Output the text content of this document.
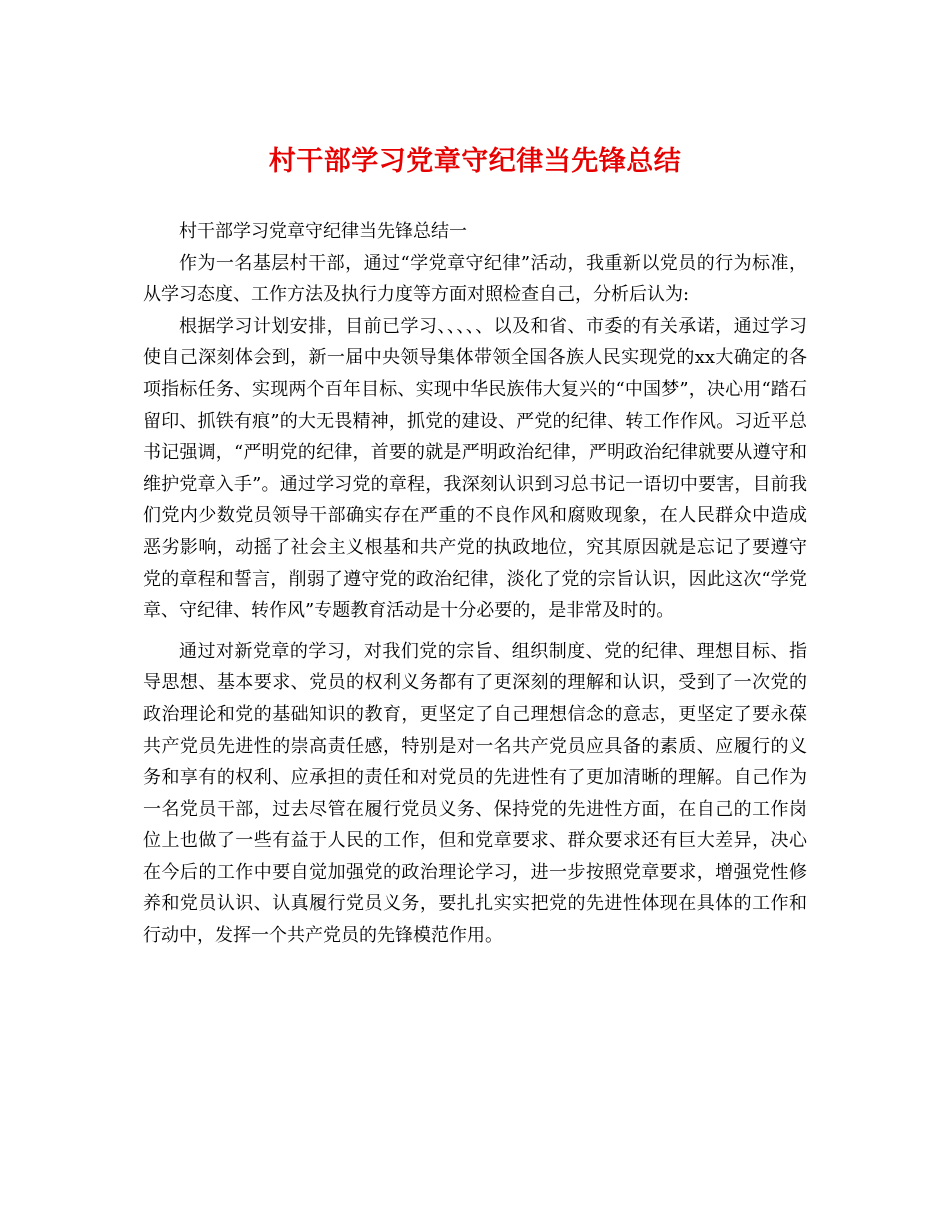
村干部学习党章守纪律当先锋总结

村干部学习党章守纪律当先锋总结一

作为一名基层村干部，通过“学党章守纪律”活动，我重新以党员的行为标准，从学习态度、工作方法及执行力度等方面对照检查自己，分析后认为:

根据学习计划安排，目前已学习、、、、、以及和省、市委的有关承诺，通过学习使自己深刻体会到，新一届中央领导集体带领全国各族人民实现党的xx大确定的各项指标任务、实现两个百年目标、实现中华民族伟大复兴的“中国梦”，决心用“踏石留印、抓铁有痕”的大无畏精神，抓党的建设、严党的纪律、转工作作风。习近平总书记强调，“严明党的纪律，首要的就是严明政治纪律，严明政治纪律就要从遵守和维护党章入手”。通过学习党的章程，我深刻认识到习总书记一语切中要害，目前我们党内少数党员领导干部确实存在严重的不良作风和腐败现象，在人民群众中造成恶劣影响，动摇了社会主义根基和共产党的执政地位，究其原因就是忘记了要遵守党的章程和誓言，削弱了遵守党的政治纪律，淡化了党的宗旨认识，因此这次“学党章、守纪律、转作风”专题教育活动是十分必要的，是非常及时的。

通过对新党章的学习，对我们党的宗旨、组织制度、党的纪律、理想目标、指导思想、基本要求、党员的权利义务都有了更深刻的理解和认识，受到了一次党的政治理论和党的基础知识的教育，更坚定了自己理想信念的意志，更坚定了要永葆共产党员先进性的崇高责任感，特别是对一名共产党员应具备的素质、应履行的义务和享有的权利、应承担的责任和对党员的先进性有了更加清晰的理解。自己作为一名党员干部，过去尽管在履行党员义务、保持党的先进性方面，在自己的工作岗位上也做了一些有益于人民的工作，但和党章要求、群众要求还有巨大差异，决心在今后的工作中要自觉加强党的政治理论学习，进一步按照党章要求，增强党性修养和党员认识、认真履行党员义务，要扎扎实实把党的先进性体现在具体的工作和行动中，发挥一个共产党员的先锋模范作用。
